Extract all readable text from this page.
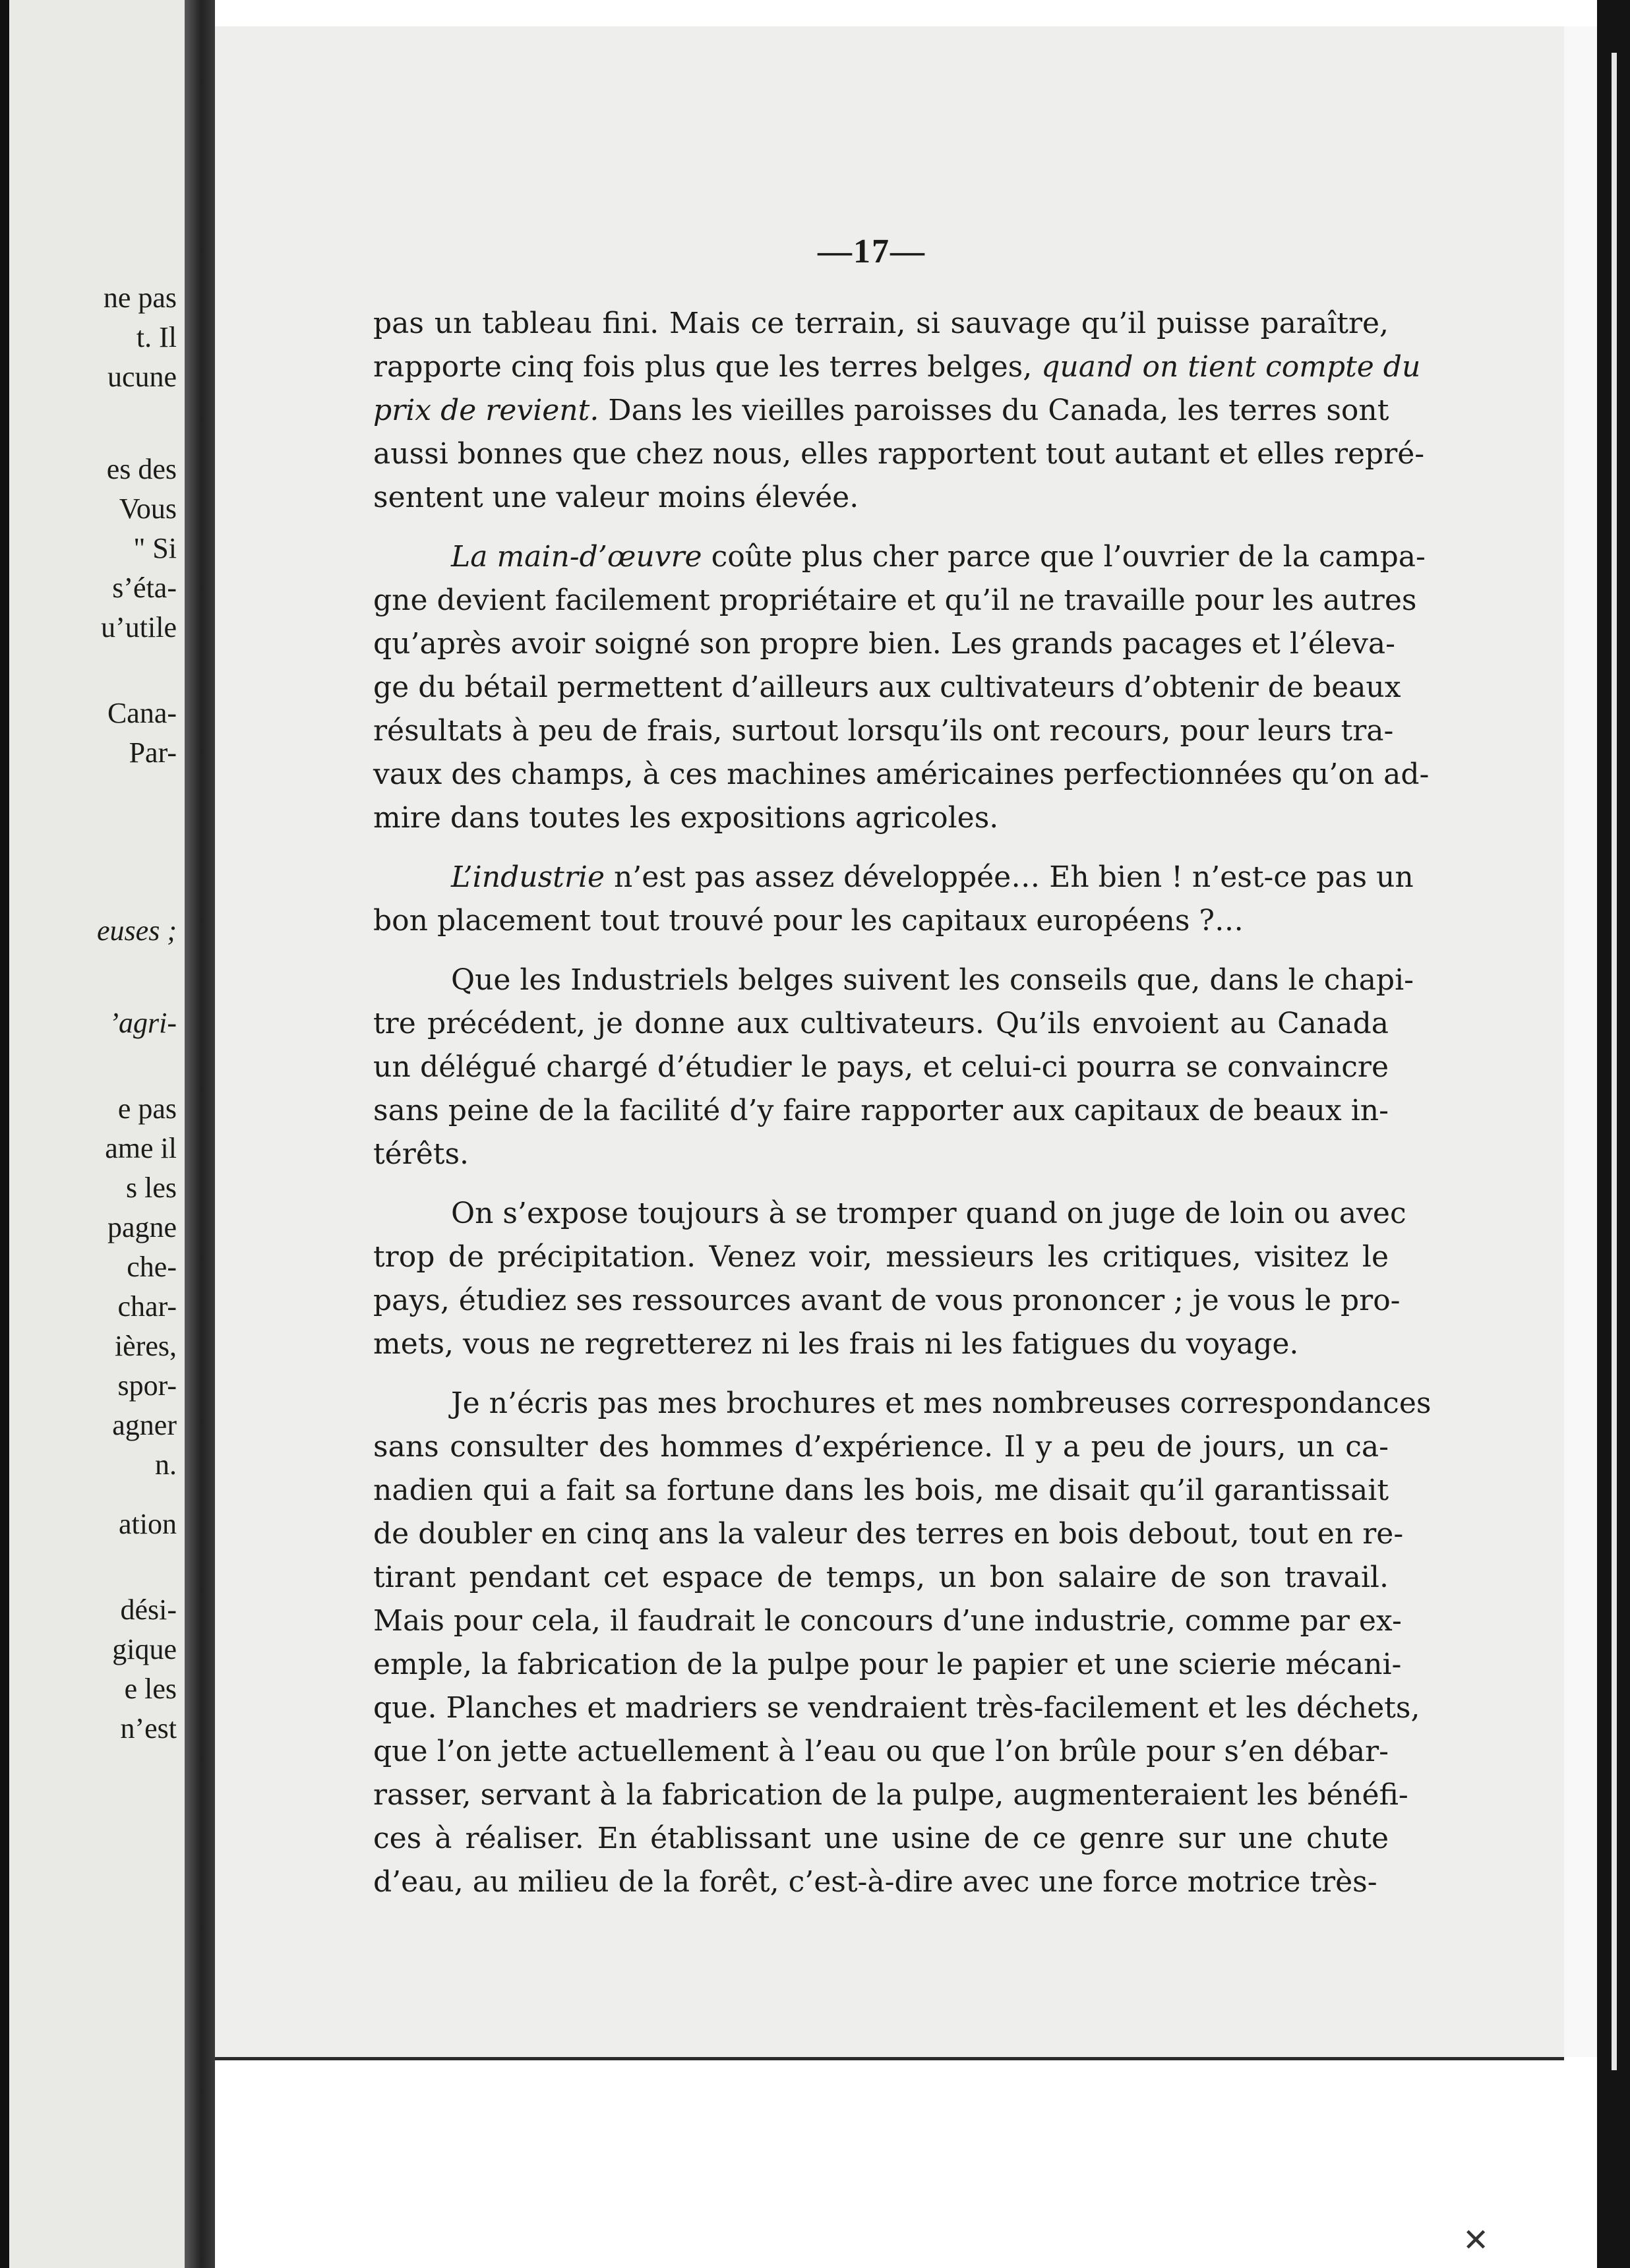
ne pas
t. Il
ucune
es des
Vous
" Si
s’éta-
u’utile
Cana-
Par-
euses ;
’agri-
e pas
ame il
s les
pagne
che-
char-
ières,
spor-
agner
n.
ation
dési-
gique
e les
n’est
✕
—17—
pas un tableau fini. Mais ce terrain, si sauvage qu’il puisse paraître,
rapporte cinq fois plus que les terres belges, quand on tient compte du
prix de revient. Dans les vieilles paroisses du Canada, les terres sont
aussi bonnes que chez nous, elles rapportent tout autant et elles repré-
sentent une valeur moins élevée.
La main-d’œuvre coûte plus cher parce que l’ouvrier de la campa-
gne devient facilement propriétaire et qu’il ne travaille pour les autres
qu’après avoir soigné son propre bien. Les grands pacages et l’éleva-
ge du bétail permettent d’ailleurs aux cultivateurs d’obtenir de beaux
résultats à peu de frais, surtout lorsqu’ils ont recours, pour leurs tra-
vaux des champs, à ces machines américaines perfectionnées qu’on ad-
mire dans toutes les expositions agricoles.
L’industrie n’est pas assez développée… Eh bien ! n’est-ce pas un
bon placement tout trouvé pour les capitaux européens ?…
Que les Industriels belges suivent les conseils que, dans le chapi-
tre précédent, je donne aux cultivateurs. Qu’ils envoient au Canada
un délégué chargé d’étudier le pays, et celui-ci pourra se convaincre
sans peine de la facilité d’y faire rapporter aux capitaux de beaux in-
térêts.
On s’expose toujours à se tromper quand on juge de loin ou avec
trop de précipitation. Venez voir, messieurs les critiques, visitez le
pays, étudiez ses ressources avant de vous prononcer ; je vous le pro-
mets, vous ne regretterez ni les frais ni les fatigues du voyage.
Je n’écris pas mes brochures et mes nombreuses correspondances
sans consulter des hommes d’expérience. Il y a peu de jours, un ca-
nadien qui a fait sa fortune dans les bois, me disait qu’il garantissait
de doubler en cinq ans la valeur des terres en bois debout, tout en re-
tirant pendant cet espace de temps, un bon salaire de son travail.
Mais pour cela, il faudrait le concours d’une industrie, comme par ex-
emple, la fabrication de la pulpe pour le papier et une scierie mécani-
que. Planches et madriers se vendraient très-facilement et les déchets,
que l’on jette actuellement à l’eau ou que l’on brûle pour s’en débar-
rasser, servant à la fabrication de la pulpe, augmenteraient les bénéfi-
ces à réaliser. En établissant une usine de ce genre sur une chute
d’eau, au milieu de la forêt, c’est-à-dire avec une force motrice très-
